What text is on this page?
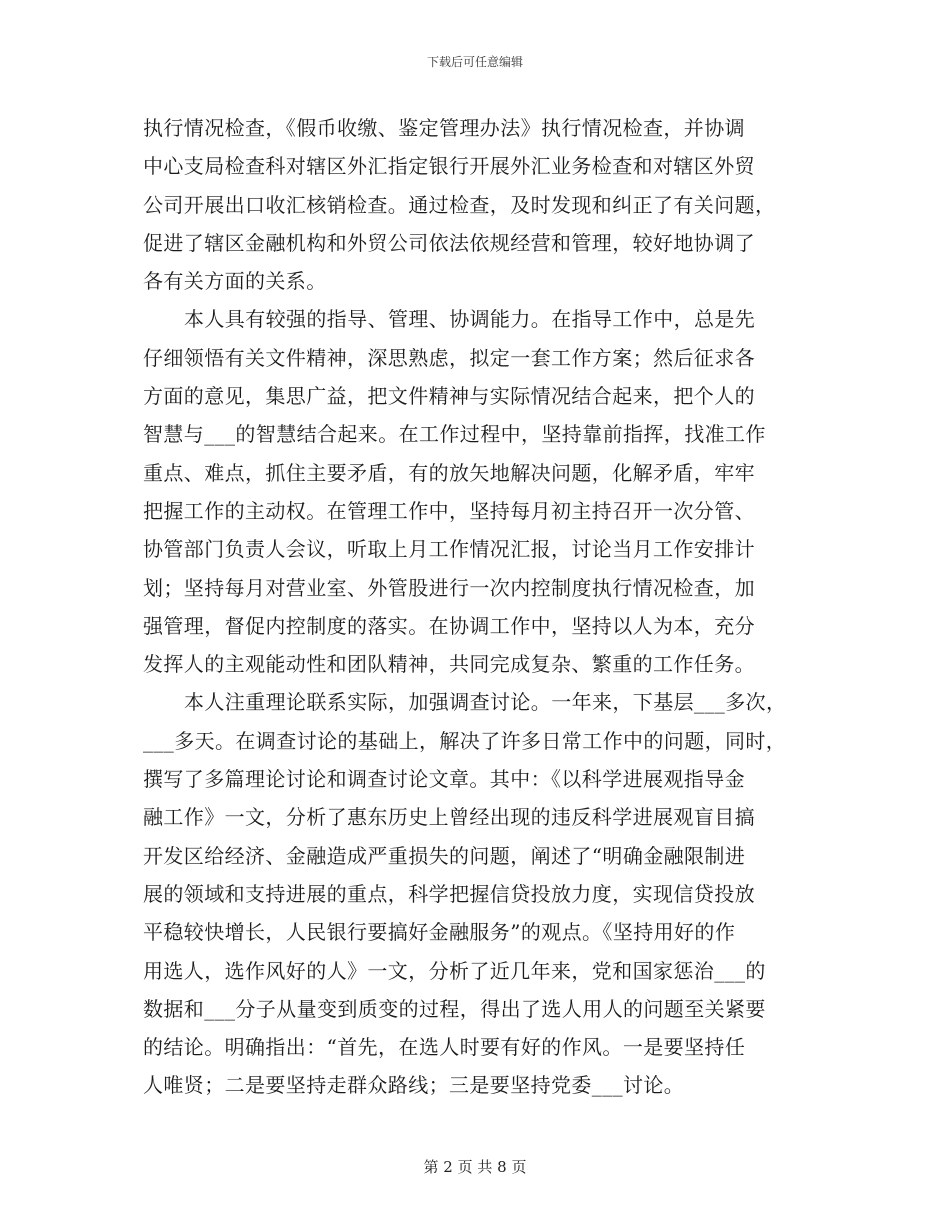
下载后可任意编辑
执行情况检查，《假币收缴、鉴定管理办法》执行情况检查，并协调
中心支局检查科对辖区外汇指定银行开展外汇业务检查和对辖区外贸
公司开展出口收汇核销检查。通过检查，及时发现和纠正了有关问题，
促进了辖区金融机构和外贸公司依法依规经营和管理，较好地协调了
各有关方面的关系。
本人具有较强的指导、管理、协调能力。在指导工作中，总是先
仔细领悟有关文件精神，深思熟虑，拟定一套工作方案；然后征求各
方面的意见，集思广益，把文件精神与实际情况结合起来，把个人的
智慧与___的智慧结合起来。在工作过程中，坚持靠前指挥，找准工作
重点、难点，抓住主要矛盾，有的放矢地解决问题，化解矛盾，牢牢
把握工作的主动权。在管理工作中，坚持每月初主持召开一次分管、
协管部门负责人会议，听取上月工作情况汇报，讨论当月工作安排计
划；坚持每月对营业室、外管股进行一次内控制度执行情况检查，加
强管理，督促内控制度的落实。在协调工作中，坚持以人为本，充分
发挥人的主观能动性和团队精神，共同完成复杂、繁重的工作任务。
本人注重理论联系实际，加强调查讨论。一年来，下基层___多次，
___多天。在调查讨论的基础上，解决了许多日常工作中的问题，同时，
撰写了多篇理论讨论和调查讨论文章。其中：《以科学进展观指导金
融工作》一文，分析了惠东历史上曾经出现的违反科学进展观盲目搞
开发区给经济、金融造成严重损失的问题，阐述了“明确金融限制进
展的领域和支持进展的重点，科学把握信贷投放力度，实现信贷投放
平稳较快增长，人民银行要搞好金融服务”的观点。《坚持用好的作
用选人，选作风好的人》一文，分析了近几年来，党和国家惩治___的
数据和___分子从量变到质变的过程，得出了选人用人的问题至关紧要
的结论。明确指出：“首先，在选人时要有好的作风。一是要坚持任
人唯贤；二是要坚持走群众路线；三是要坚持党委___讨论。
第 2 页 共 8 页
